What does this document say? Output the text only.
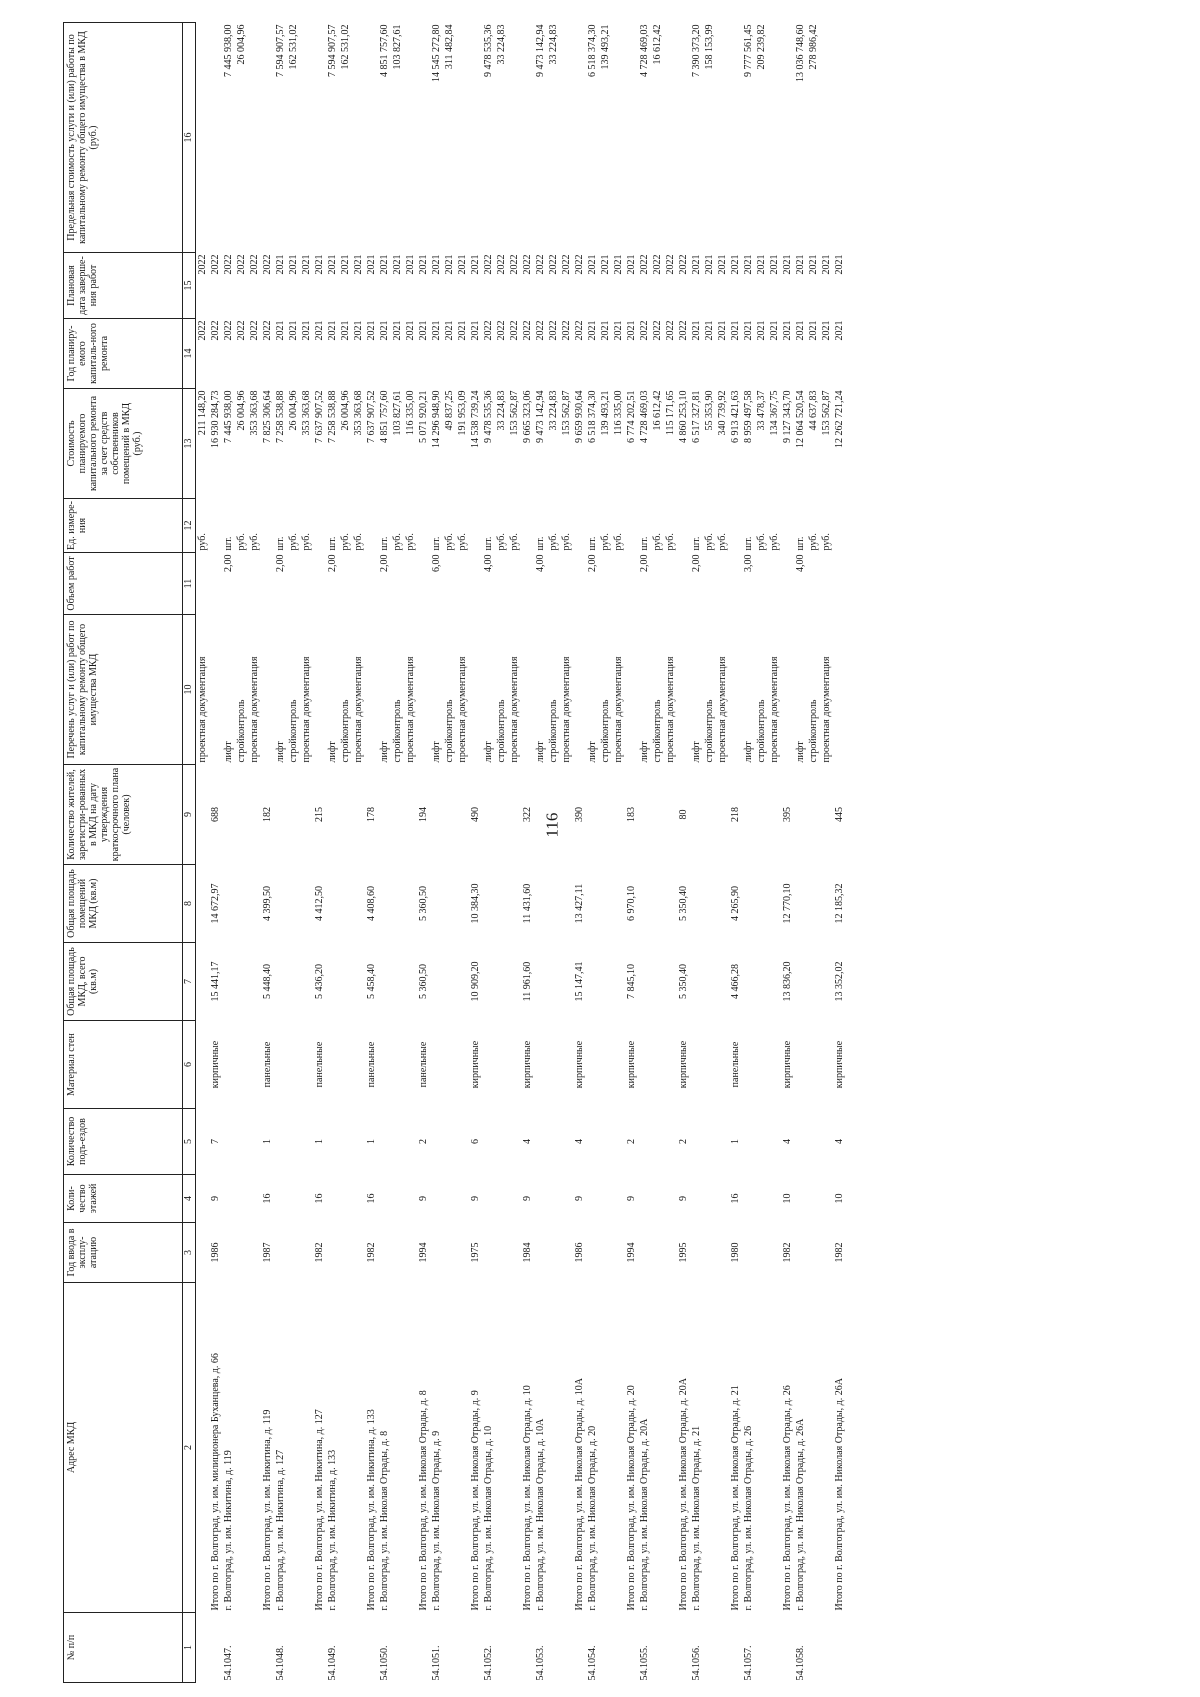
116
№ п/п	Адрес МКД	Год ввода в эксплу-атацию	Коли-чество этажей	Количество подъ-ездов	Материал стен	Общая площадь МКД, всего (кв.м)	Общая площадь помещений МКД (кв.м)	Количество жителей, зарегистри-рованных в МКД на дату утверждения краткосрочного плана (человек)	Перечень услуг и (или) работ по капитальному ремонту общего имущества МКД	Объем работ	Ед. измере-ния	Стоимость планируемого капитального ремонта за счет средств собственников помещений в МКД (руб.)	Год планиру-емого капиталь-ного ремонта	Плановая дата заверше-ния работ	Предельная стоимость услуги и (или) работы по капитальному ремонту общего имущества в МКД (руб.)
1	2	3	4	5	6	7	8	9	10	11	12	13	14	15	16
									проектная документация		руб.	211 148,20	2022	2022	
	Итого по г. Волгоград, ул. им. милиционера Буханцева, д. 66	1986	9	7	кирпичные	15 441,17	14 672,97	688				16 930 284,73	2022	2022	
54.1047.	г. Волгоград, ул. им. Никитина, д. 119								лифт	2,00	шт.	7 445 938,00	2022	2022	7 445 938,00
									стройконтроль		руб.	26 004,96	2022	2022	26 004,96
									проектная документация		руб.	353 363,68	2022	2022	
	Итого по г. Волгоград, ул. им. Никитина, д. 119	1987	16	1	панельные	5 448,40	4 399,50	182				7 825 306,64	2022	2022	
54.1048.	г. Волгоград, ул. им. Никитина, д. 127								лифт	2,00	шт.	7 258 538,88	2021	2021	7 594 907,57
									стройконтроль		руб.	26 004,96	2021	2021	162 531,02
									проектная документация		руб.	353 363,68	2021	2021	
	Итого по г. Волгоград, ул. им. Никитина, д. 127	1982	16	1	панельные	5 436,20	4 412,50	215				7 637 907,52	2021	2021	
54.1049.	г. Волгоград, ул. им. Никитина, д. 133								лифт	2,00	шт.	7 258 538,88	2021	2021	7 594 907,57
									стройконтроль		руб.	26 004,96	2021	2021	162 531,02
									проектная документация		руб.	353 363,68	2021	2021	
	Итого по г. Волгоград, ул. им. Никитина, д. 133	1982	16	1	панельные	5 458,40	4 408,60	178				7 637 907,52	2021	2021	
54.1050.	г. Волгоград, ул. им. Николая Отрады, д. 8								лифт	2,00	шт.	4 851 757,60	2021	2021	4 851 757,60
									стройконтроль		руб.	103 827,61	2021	2021	103 827,61
									проектная документация		руб.	116 335,00	2021	2021	
	Итого по г. Волгоград, ул. им. Николая Отрады, д. 8	1994	9	2	панельные	5 360,50	5 360,50	194				5 071 920,21	2021	2021	
54.1051.	г. Волгоград, ул. им. Николая Отрады, д. 9								лифт	6,00	шт.	14 296 948,90	2021	2021	14 545 272,80
									стройконтроль		руб.	49 837,25	2021	2021	311 482,84
									проектная документация		руб.	191 953,09	2021	2021	
	Итого по г. Волгоград, ул. им. Николая Отрады, д. 9	1975	9	6	кирпичные	10 909,20	10 384,30	490				14 538 739,24	2021	2021	
54.1052.	г. Волгоград, ул. им. Николая Отрады, д. 10								лифт	4,00	шт.	9 478 535,36	2022	2022	9 478 535,36
									стройконтроль		руб.	33 224,83	2022	2022	33 224,83
									проектная документация		руб.	153 562,87	2022	2022	
	Итого по г. Волгоград, ул. им. Николая Отрады, д. 10	1984	9	4	кирпичные	11 961,60	11 431,60	322				9 665 323,06	2022	2022	
54.1053.	г. Волгоград, ул. им. Николая Отрады, д. 10А								лифт	4,00	шт.	9 473 142,94	2022	2022	9 473 142,94
									стройконтроль		руб.	33 224,83	2022	2022	33 224,83
									проектная документация		руб.	153 562,87	2022	2022	
	Итого по г. Волгоград, ул. им. Николая Отрады, д. 10А	1986	9	4	кирпичные	15 147,41	13 427,11	390				9 659 930,64	2022	2022	
54.1054.	г. Волгоград, ул. им. Николая Отрады, д. 20								лифт	2,00	шт.	6 518 374,30	2021	2021	6 518 374,30
									стройконтроль		руб.	139 493,21	2021	2021	139 493,21
									проектная документация		руб.	116 335,00	2021	2021	
	Итого по г. Волгоград, ул. им. Николая Отрады, д. 20	1994	9	2	кирпичные	7 845,10	6 970,10	183				6 774 202,51	2021	2021	
54.1055.	г. Волгоград, ул. им. Николая Отрады, д. 20А								лифт	2,00	шт.	4 728 469,03	2022	2022	4 728 469,03
									стройконтроль		руб.	16 612,42	2022	2022	16 612,42
									проектная документация		руб.	115 171,65	2022	2022	
	Итого по г. Волгоград, ул. им. Николая Отрады, д. 20А	1995	9	2	кирпичные	5 350,40	5 350,40	80				4 860 253,10	2022	2022	
54.1056.	г. Волгоград, ул. им. Николая Отрады, д. 21								лифт	2,00	шт.	6 517 327,81	2021	2021	7 390 373,20
									стройконтроль		руб.	55 353,90	2021	2021	158 153,99
									проектная документация		руб.	340 739,92	2021	2021	
	Итого по г. Волгоград, ул. им. Николая Отрады, д. 21	1980	16	1	панельные	4 466,28	4 265,90	218				6 913 421,63	2021	2021	
54.1057.	г. Волгоград, ул. им. Николая Отрады, д. 26								лифт	3,00	шт.	8 959 497,58	2021	2021	9 777 561,45
									стройконтроль		руб.	33 478,37	2021	2021	209 239,82
									проектная документация		руб.	134 367,75	2021	2021	
	Итого по г. Волгоград, ул. им. Николая Отрады, д. 26	1982	10	4	кирпичные	13 836,20	12 770,10	395				9 127 343,70	2021	2021	
54.1058.	г. Волгоград, ул. им. Николая Отрады, д. 26А								лифт	4,00	шт.	12 064 520,54	2021	2021	13 036 748,60
									стройконтроль		руб.	44 637,83	2021	2021	278 986,42
									проектная документация		руб.	153 562,87	2021	2021	
	Итого по г. Волгоград, ул. им. Николая Отрады, д. 26А	1982	10	4	кирпичные	13 352,02	12 185,32	445				12 262 721,24	2021	2021	
